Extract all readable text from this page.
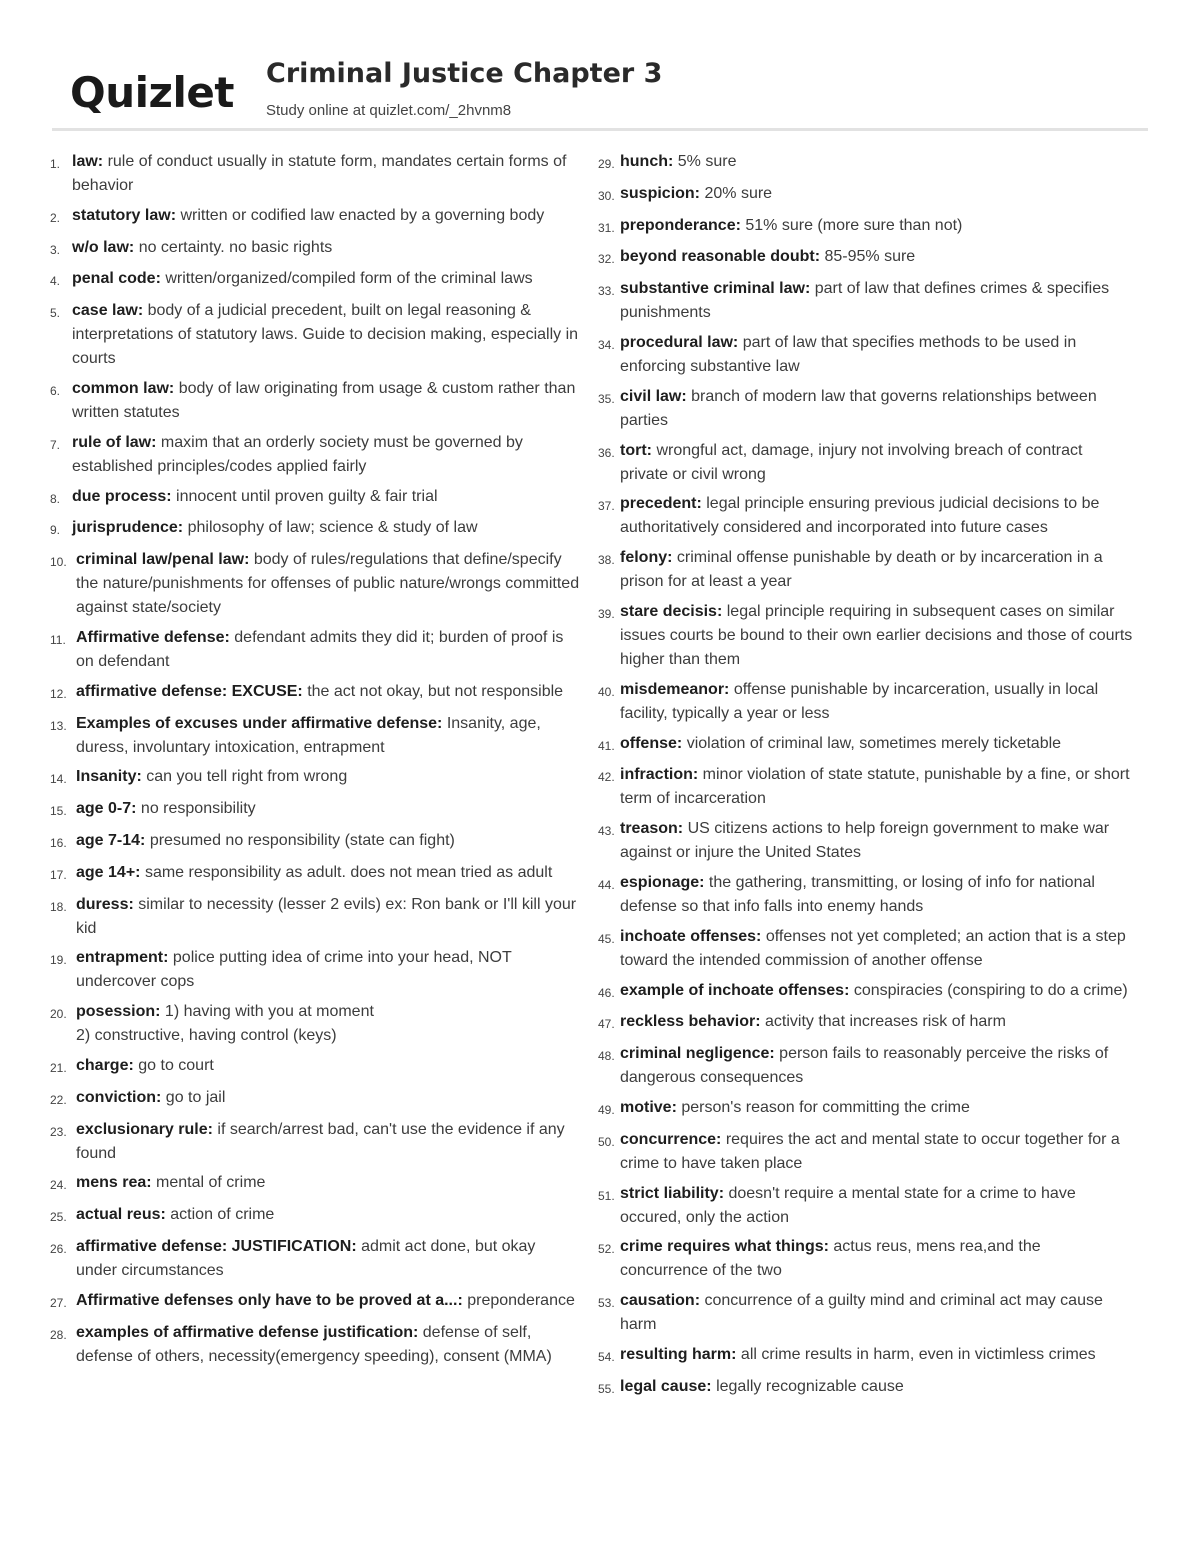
Quizlet Criminal Justice Chapter 3
Study online at quizlet.com/_2hvnm8
1. law: rule of conduct usually in statute form, mandates certain forms of behavior
2. statutory law: written or codified law enacted by a governing body
3. w/o law: no certainty. no basic rights
4. penal code: written/organized/compiled form of the criminal laws
5. case law: body of a judicial precedent, built on legal reasoning & interpretations of statutory laws. Guide to decision making, especially in courts
6. common law: body of law originating from usage & custom rather than written statutes
7. rule of law: maxim that an orderly society must be governed by established principles/codes applied fairly
8. due process: innocent until proven guilty & fair trial
9. jurisprudence: philosophy of law; science & study of law
10. criminal law/penal law: body of rules/regulations that define/specify the nature/punishments for offenses of public nature/wrongs committed against state/society
11. Affirmative defense: defendant admits they did it; burden of proof is on defendant
12. affirmative defense: EXCUSE: the act not okay, but not responsible
13. Examples of excuses under affirmative defense: Insanity, age, duress, involuntary intoxication, entrapment
14. Insanity: can you tell right from wrong
15. age 0-7: no responsibility
16. age 7-14: presumed no responsibility (state can fight)
17. age 14+: same responsibility as adult. does not mean tried as adult
18. duress: similar to necessity (lesser 2 evils) ex: Ron bank or I'll kill your kid
19. entrapment: police putting idea of crime into your head, NOT undercover cops
20. posession: 1) having with you at moment
2) constructive, having control (keys)
21. charge: go to court
22. conviction: go to jail
23. exclusionary rule: if search/arrest bad, can't use the evidence if any found
24. mens rea: mental of crime
25. actual reus: action of crime
26. affirmative defense: JUSTIFICATION: admit act done, but okay under circumstances
27. Affirmative defenses only have to be proved at a...: preponderance
28. examples of affirmative defense justification: defense of self, defense of others, necessity(emergency speeding), consent (MMA)
29. hunch: 5% sure
30. suspicion: 20% sure
31. preponderance: 51% sure (more sure than not)
32. beyond reasonable doubt: 85-95% sure
33. substantive criminal law: part of law that defines crimes & specifies punishments
34. procedural law: part of law that specifies methods to be used in enforcing substantive law
35. civil law: branch of modern law that governs relationships between parties
36. tort: wrongful act, damage, injury not involving breach of contract private or civil wrong
37. precedent: legal principle ensuring previous judicial decisions to be authoritatively considered and incorporated into future cases
38. felony: criminal offense punishable by death or by incarceration in a prison for at least a year
39. stare decisis: legal principle requiring in subsequent cases on similar issues courts be bound to their own earlier decisions and those of courts higher than them
40. misdemeanor: offense punishable by incarceration, usually in local facility, typically a year or less
41. offense: violation of criminal law, sometimes merely ticketable
42. infraction: minor violation of state statute, punishable by a fine, or short term of incarceration
43. treason: US citizens actions to help foreign government to make war against or injure the United States
44. espionage: the gathering, transmitting, or losing of info for national defense so that info falls into enemy hands
45. inchoate offenses: offenses not yet completed; an action that is a step toward the intended commission of another offense
46. example of inchoate offenses: conspiracies (conspiring to do a crime)
47. reckless behavior: activity that increases risk of harm
48. criminal negligence: person fails to reasonably perceive the risks of dangerous consequences
49. motive: person's reason for committing the crime
50. concurrence: requires the act and mental state to occur together for a crime to have taken place
51. strict liability: doesn't require a mental state for a crime to have occured, only the action
52. crime requires what things: actus reus, mens rea,and the concurrence of the two
53. causation: concurrence of a guilty mind and criminal act may cause harm
54. resulting harm: all crime results in harm, even in victimless crimes
55. legal cause: legally recognizable cause
